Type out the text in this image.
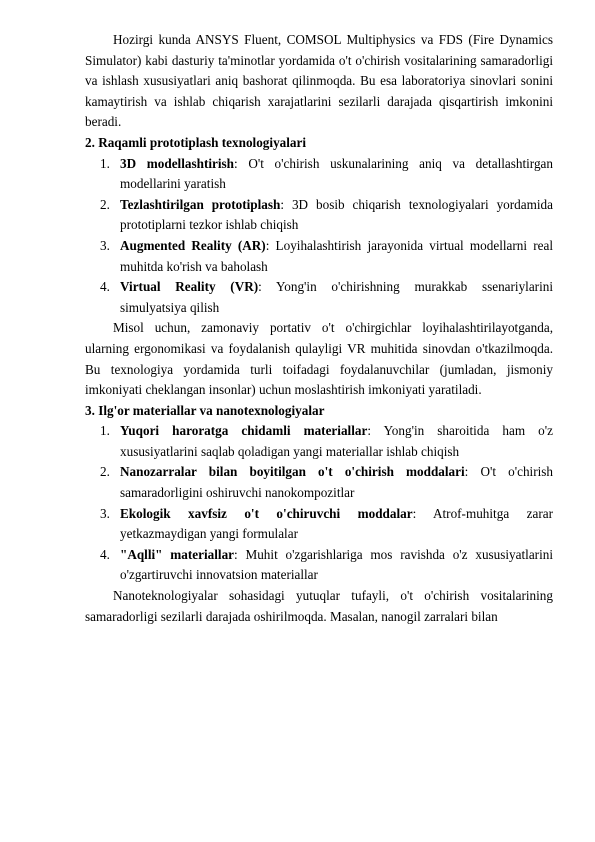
Hozirgi kunda ANSYS Fluent, COMSOL Multiphysics va FDS (Fire Dynamics Simulator) kabi dasturiy ta'minotlar yordamida o't o'chirish vositalarining samaradorligi va ishlash xususiyatlari aniq bashorat qilinmoqda. Bu esa laboratoriya sinovlari sonini kamaytirish va ishlab chiqarish xarajatlarini sezilarli darajada qisqartirish imkonini beradi.

2. Raqamli prototiplash texnologiyalari

1. 3D modellashtirish: O't o'chirish uskunalarining aniq va detallashtirgan modellarini yaratish
2. Tezlashtirilgan prototiplash: 3D bosib chiqarish texnologiyalari yordamida prototiplarni tezkor ishlab chiqish
3. Augmented Reality (AR): Loyihalashtirish jarayonida virtual modellarni real muhitda ko'rish va baholash
4. Virtual Reality (VR): Yong'in o'chirishning murakkab ssenariylarini simulyatsiya qilish

Misol uchun, zamonaviy portativ o't o'chirgichlar loyihalashtirilayotganda, ularning ergonomikasi va foydalanish qulayligi VR muhitida sinovdan o'tkazilmoqda. Bu texnologiya yordamida turli toifadagi foydalanuvchilar (jumladan, jismoniy imkoniyati cheklangan insonlar) uchun moslashtirish imkoniyati yaratiladi.

3. Ilg'or materiallar va nanotexnologiyalar

1. Yuqori haroratga chidamli materiallar: Yong'in sharoitida ham o'z xususiyatlarini saqlab qoladigan yangi materiallar ishlab chiqish
2. Nanozarralar bilan boyitilgan o't o'chirish moddalari: O't o'chirish samaradorligini oshiruvchi nanokompozitlar
3. Ekologik xavfsiz o't o'chiruvchi moddalar: Atrof-muhitga zarar yetkazmaydigan yangi formulalar
4. "Aqlli" materiallar: Muhit o'zgarishlariga mos ravishda o'z xususiyatlarini o'zgartiruvchi innovatsion materiallar

Nanoteknologiyalar sohasidagi yutuqlar tufayli, o't o'chirish vositalarining samaradorligi sezilarli darajada oshirilmoqda. Masalan, nanogil zarralari bilan
